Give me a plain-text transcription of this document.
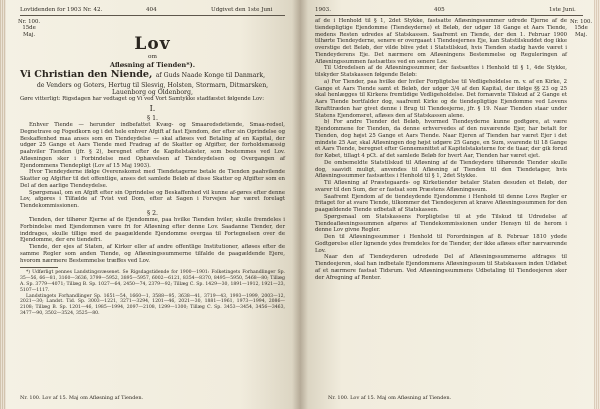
Lovtidenden for 1903 Nr. 42.	404	Udgivet den 1ste Juni
Nr. 100.
15de
Maj.	Lov
om
Afløsning af Tienden*).
Vi Christian den Niende, af Guds Naade Konge til Danmark,
de Venders og Goters, Hertug til Slesvig, Holsten, Stormarn, Ditmarsken,
Lauenborg og Oldenborg,

Gøre vitterligt: Rigsdagen har vedtaget og Vi ved Vort Samtykke stadfæstet følgende Lov:

I.
§ 1.

Enhver Tiende — herunder indbefattet Kvæg- og Smaaredsdetiende, Smaa-redsel, Degnetrave og Fogedkorn og i det hele enhver Afgift af fast Ejendom, der efter sin Oprindelse og Beskaffenhed maa anses som en Tiendeydelse — skal afløses ved Betaling af en Kapital, der udgør 25 Gange et Aars Tiende med Fradrag af de Skatter og Afgifter, der forholdsmæssig paahviler Tienden (jfr. § 2), beregnet efter de Kapitelstakster, som bestemmes ved Lov. Afløsningen sker i Forbindelse med Ophævelsen af Tiendeydelsen og Overgangen af Ejendommens Tiendepligt (Lov af 15 Maj 1903).

Hvor Tiendeyderne ifølge Overenskomst med Tiendetagerne betale de Tienden paahvilende Skatter og Afgifter til det offentlige, anses det samlede Beløb af disse Skatter og Afgifter som en Del af den aarlige Tiendeydelse.

Spørgsmaal, om en Afgift efter sin Oprindelse og Beskaffenhed vil kunne af-gøres efter denne Lov, afgøres i Tilfælde af Tvist ved Dom, efter at Sagen i Forvejen har været forelagt Tiendekommissionen.

§ 2.

Tienden, der tilhører Ejerne af de Ejendomme, paa hvilke Tienden hviler, skulle fremdeles i Forbindelse med Ejendommen være fri for Afløsning efter denne Lov. Saadanne Tiender, der inddrages, skulle tillige med de paagældende Ejendomme overgaa til Fortegnelsen over de Ejendomme, der ere tiendefri.

Tiende, der ejes af Staten, af Kirker eller af andre offentlige Institutioner, afløses efter de samme Regler som anden Tiende, og Afløsningssummerne tilfalde de paagældende Ejere, hvorom nærmere Bestemmelse træffes ved Lov.

*) Udførligt pennes Landstingsvæsenet. Se Rigsdagstidende for 1900—1901: Folketingets Forhandlinger Sp. 35—56, 66—81, 3160—3636, 3799—5952, 3895—5957, 6002—6121, 8354—8370, 8495—5950, 5468—80; Tillæg A. Sp. 3779—4071; Tillæg B. Sp. 1027—64, 2450—74, 2379—92; Tillæg C. Sp. 1429—30, 1891—1912, 1921—23, 5107—1117.

Landstingets Forhandlinger Sp. 1651—54, 1660—1, 3588—95, 3638—41, 3719—43, 1993—1999, 2003—12, 2021—30; Landst. Tid. Sp. 3003—1221, 3271—3294, 1201—46, 2021—30, 1881—1961, 1973—1994, 2086—2108; Tillæg B. Sp. 1201—46, 1985—1994, 2097—2108, 1299—1300; Tillæg C. Sp. 3453—3454, 3456—3463, 3477—90, 3502—3524, 3525—80.

Nr. 100. Lov af 15. Maj om Afløsning af Tienden.
1903.	405	1ste Juni.
Nr. 100.
15de
Maj.

af de i Henhold til § 1, 2det Stykke, fastsatte Afløsningssummer udrede Ejerne af de tiendepligtige Ejendomme (Tiendeyderne) et Beløb, der udgør 18 Gange et Aars Tiende, medens Resten udredes af Statskassen. Saafremt en Tiende, der den 1. Februar 1900 tilhørte Tiendeyderne, senere er overgaaet i Tiendeejernes Eje, kan Statstilskuddet dog ikke overstige det Beløb, der vilde blive ydet i Statstilskud, hvis Tienden stadig havde været i Tiendeyderens Eje. Det nærmere om Afløsningens Bestemmelse og Reguleringen af Afløsningssummen fastsættes ved en senere Lov.

Til Udredelsen af de Afløsningssummer, der fastsættes i Henhold til § 1, 4de Stykke, tilskyder Statskassen følgende Beløb:

a) For Tiender, paa hvilke der hviler Forpligtelse til Vedligeholdelse m. v. af en Kirke, 2 Gange et Aars Tiende samt et Beløb, der udgør 3/4 af den Kapital, der ifølge §§ 23 og 25 skal henlægges til Kirkens fremtidige Vedligeholdelse. Det fornævnte Tilskud af 2 Gange et Aars Tiende bortfalder dog, saafremt Kirke og de tiendepligtige Ejendomme ved Lovens Ikrafttræden har givet denne i Brug til Tiendeejerne, jfr. § 19. Naar Tienden staar under Statens Ejendomsret, afløses den af Statskassen alene.

b) For andre Tiender det Beløb, hvormed Tiendeyderne kunne godtgøre, at være Ejendommene for Tienden, da denne erhvervedes af den nuværende Ejer, har betalt for Tienden, dog højst 25 Gange et Aars Tiende. Naar Ejeren af Tienden har været Ejer i det mindste 25 Aar, skal Afløsningen dog højst udgøre 25 Gange, en Sum, svarende til 18 Gange et Aars Tiende, beregnet efter Gennemsnittet af Kapitelstaksterne for de tiaar, der gik forud for Købet, tillagt 4 pCt. af det samlede Beløb for hvert Aar, Tienden har været ejet.

De ombemeldte Statstilskud til Afløsning af de Tiendeydere tilhørende Tiender skulle dog, saavidt muligt, anvendes til Afløsning af Tienden til den Tiendetager, hvis Afløsningssummer fastsættes i Henhold til § 1, 2det Stykke.

Til Afløsning af Præstegaards- og Kirketiender betaler Staten desuden et Beløb, der svarer til den Sum, der er fastsat som Præstens Afløsningssum.

Saafremt Ejendom af de tiendeydende Ejendomme i Henhold til denne Lovs Regler er fritaget for at svare Tiende, tilkommer det Tiendeejeren at kræve Afløsningssummen for den paagældende Tiende udbetalt af Statskassen.

Spørgsmaal om Statskassens Forpligtelse til at yde Tilskud til Udredelse af Tiendeafløsningssummen afgøres af Tiendekommissionen under Hensyn til de herom i denne Lov givne Regler.

Den til Afløsningssummer i Henhold til Forordningen af 8. Februar 1810 ydede Godtgørelse eller lignende ydes fremdeles for de Tiender, der ikke afløses efter nærværende Lov.

Naar den af Tiendeyderen udredede Del af Afløsningssummerne afdrages til Tiendeejeren, skal han indbetale Ejendommens Afløsningssum til Statskassen inden Udløbet af et nærmere fastsat Tidsrum. Ved Afløsningssummens Udbetaling til Tiendeejeren sker der Afregning af Renter.

Nr. 100. Lov af 15. Maj om Afløsning af Tienden.
